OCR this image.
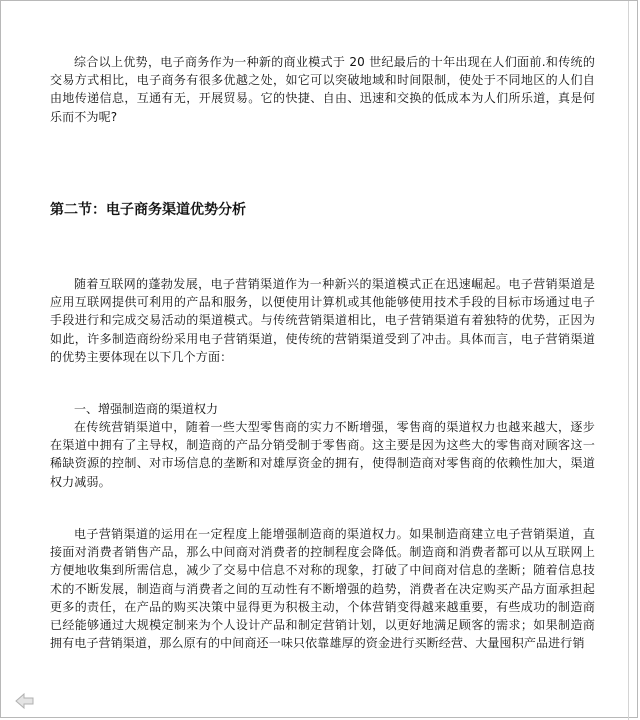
综合以上优势，电子商务作为一种新的商业模式于 20 世纪最后的十年出现在人们面前.和传统的交易方式相比，电子商务有很多优越之处，如它可以突破地域和时间限制，使处于不同地区的人们自由地传递信息，互通有无，开展贸易。它的快捷、自由、迅速和交换的低成本为人们所乐道，真是何乐而不为呢?

第二节：电子商务渠道优势分析

随着互联网的蓬勃发展，电子营销渠道作为一种新兴的渠道模式正在迅速崛起。电子营销渠道是应用互联网提供可利用的产品和服务，以便使用计算机或其他能够使用技术手段的目标市场通过电子手段进行和完成交易活动的渠道模式。与传统营销渠道相比，电子营销渠道有着独特的优势，正因为如此，许多制造商纷纷采用电子营销渠道，使传统的营销渠道受到了冲击。具体而言，电子营销渠道的优势主要体现在以下几个方面：

一、增强制造商的渠道权力

在传统营销渠道中，随着一些大型零售商的实力不断增强，零售商的渠道权力也越来越大，逐步在渠道中拥有了主导权，制造商的产品分销受制于零售商。这主要是因为这些大的零售商对顾客这一稀缺资源的控制、对市场信息的垄断和对雄厚资金的拥有，使得制造商对零售商的依赖性加大，渠道权力减弱。

电子营销渠道的运用在一定程度上能增强制造商的渠道权力。如果制造商建立电子营销渠道，直接面对消费者销售产品，那么中间商对消费者的控制程度会降低。制造商和消费者都可以从互联网上方便地收集到所需信息，减少了交易中信息不对称的现象，打破了中间商对信息的垄断；随着信息技术的不断发展，制造商与消费者之间的互动性有不断增强的趋势，消费者在决定购买产品方面承担起更多的责任，在产品的购买决策中显得更为积极主动，个体营销变得越来越重要，有些成功的制造商已经能够通过大规模定制来为个人设计产品和制定营销计划，以更好地满足顾客的需求；如果制造商拥有电子营销渠道，那么原有的中间商还一味只依靠雄厚的资金进行买断经营、大量囤积产品进行销
